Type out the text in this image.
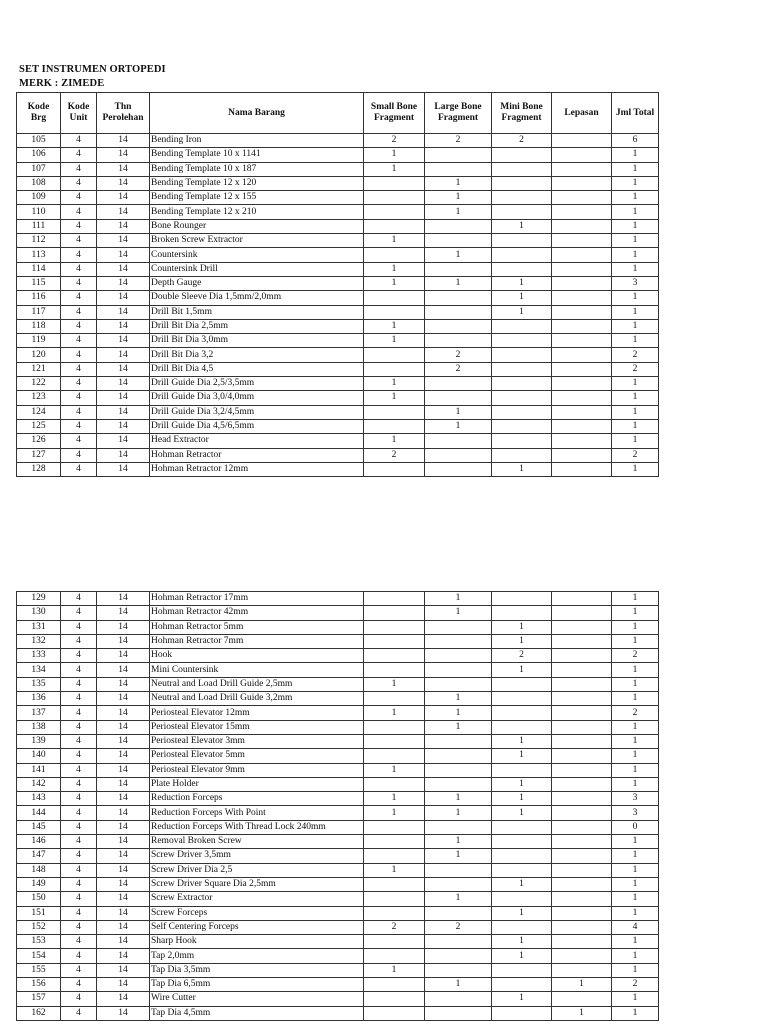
SET INSTRUMEN ORTOPEDI
MERK : ZIMEDE
Kode Brg	Kode Unit	Thn Perolehan	Nama Barang	Small Bone Fragment	Large Bone Fragment	Mini Bone Fragment	Lepasan	Jml Total
105	4	14	Bending Iron	2	2	2		6
106	4	14	Bending Template 10 x 1141	1				1
107	4	14	Bending Template 10 x 187	1				1
108	4	14	Bending Template 12 x 120		1			1
109	4	14	Bending Template 12 x 155		1			1
110	4	14	Bending Template 12 x 210		1			1
111	4	14	Bone Rounger			1		1
112	4	14	Broken Screw Extractor	1				1
113	4	14	Countersink		1			1
114	4	14	Countersink Drill	1				1
115	4	14	Depth Gauge	1	1	1		3
116	4	14	Double Sleeve Dia 1,5mm/2,0mm			1		1
117	4	14	Drill Bit 1,5mm			1		1
118	4	14	Drill Bit Dia 2,5mm	1				1
119	4	14	Drill Bit Dia 3,0mm	1				1
120	4	14	Drill Bit Dia 3,2		2			2
121	4	14	Drill Bit Dia 4,5		2			2
122	4	14	Drill Guide Dia 2,5/3,5mm	1				1
123	4	14	Drill Guide Dia 3,0/4,0mm	1				1
124	4	14	Drill Guide Dia 3,2/4,5mm		1			1
125	4	14	Drill Guide Dia 4,5/6,5mm		1			1
126	4	14	Head Extractor	1				1
127	4	14	Hohman Retractor	2				2
128	4	14	Hohman Retractor 12mm			1		1
129	4	14	Hohman Retractor 17mm		1			1
130	4	14	Hohman Retractor 42mm		1			1
131	4	14	Hohman Retractor 5mm			1		1
132	4	14	Hohman Retractor 7mm			1		1
133	4	14	Hook			2		2
134	4	14	Mini Countersink			1		1
135	4	14	Neutral and Load Drill Guide 2,5mm	1				1
136	4	14	Neutral and Load Drill Guide 3,2mm		1			1
137	4	14	Periosteal Elevator 12mm	1	1			2
138	4	14	Periosteal Elevator 15mm		1			1
139	4	14	Periosteal Elevator 3mm			1		1
140	4	14	Periosteal Elevator 5mm			1		1
141	4	14	Periosteal Elevator 9mm	1				1
142	4	14	Plate Holder			1		1
143	4	14	Reduction Forceps	1	1	1		3
144	4	14	Reduction Forceps With Point	1	1	1		3
145	4	14	Reduction Forceps With Thread Lock 240mm					0
146	4	14	Removal Broken Screw		1			1
147	4	14	Screw Driver 3,5mm		1			1
148	4	14	Screw Driver Dia 2,5	1				1
149	4	14	Screw Driver Square Dia 2,5mm			1		1
150	4	14	Screw Extractor		1			1
151	4	14	Screw Forceps			1		1
152	4	14	Self Centering Forceps	2	2			4
153	4	14	Sharp Hook			1		1
154	4	14	Tap 2,0mm			1		1
155	4	14	Tap Dia 3,5mm	1				1
156	4	14	Tap Dia 6,5mm		1		1	2
157	4	14	Wire Cutter			1		1
162	4	14	Tap Dia 4,5mm				1	1
